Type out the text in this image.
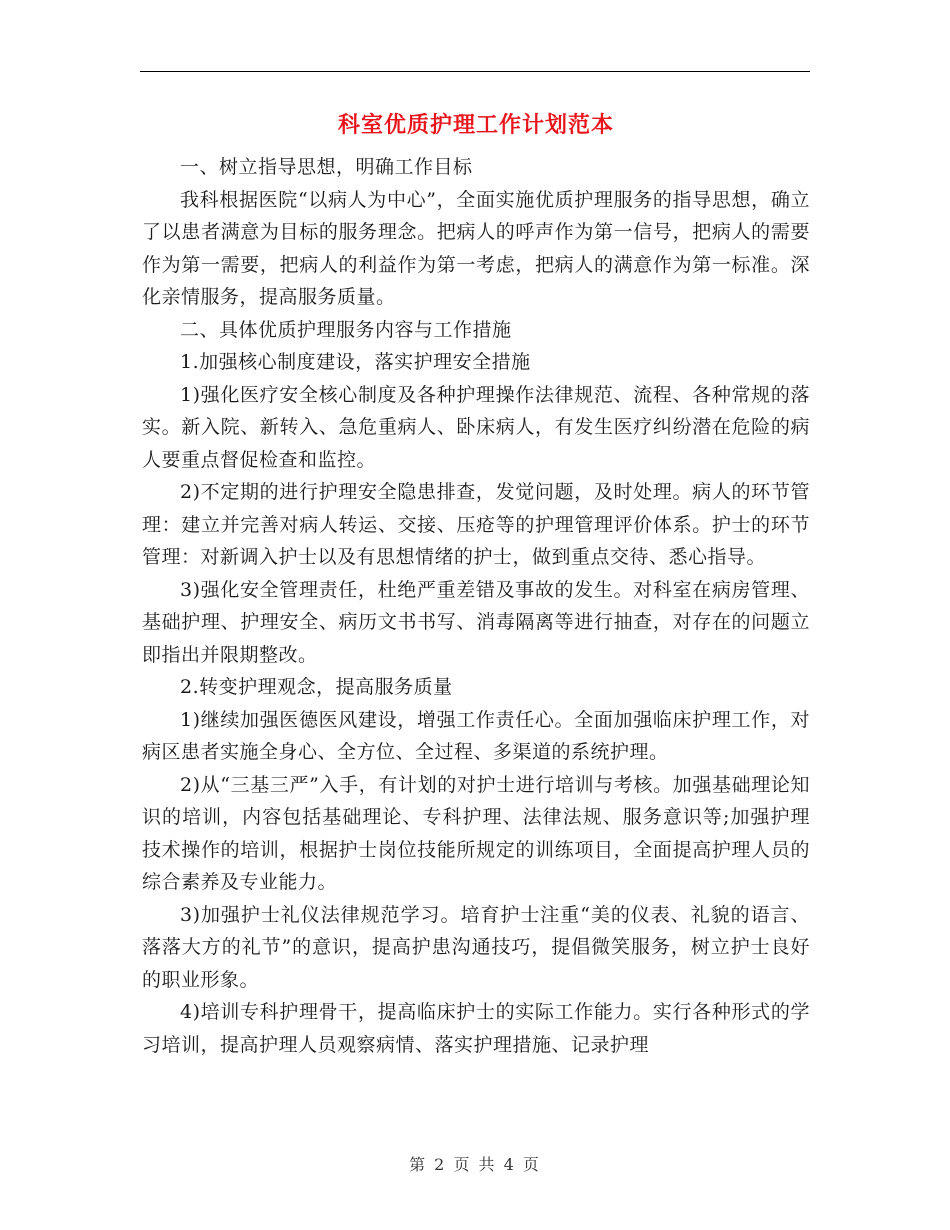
科室优质护理工作计划范本

一、树立指导思想，明确工作目标

我科根据医院“以病人为中心”，全面实施优质护理服务的指导思想，确立了以患者满意为目标的服务理念。把病人的呼声作为第一信号，把病人的需要作为第一需要，把病人的利益作为第一考虑，把病人的满意作为第一标准。深化亲情服务，提高服务质量。

二、具体优质护理服务内容与工作措施

1.加强核心制度建设，落实护理安全措施

1)强化医疗安全核心制度及各种护理操作法律规范、流程、各种常规的落实。新入院、新转入、急危重病人、卧床病人，有发生医疗纠纷潜在危险的病人要重点督促检查和监控。

2)不定期的进行护理安全隐患排查，发觉问题，及时处理。病人的环节管理：建立并完善对病人转运、交接、压疮等的护理管理评价体系。护士的环节管理：对新调入护士以及有思想情绪的护士，做到重点交待、悉心指导。

3)强化安全管理责任，杜绝严重差错及事故的发生。对科室在病房管理、基础护理、护理安全、病历文书书写、消毒隔离等进行抽查，对存在的问题立即指出并限期整改。

2.转变护理观念，提高服务质量

1)继续加强医德医风建设，增强工作责任心。全面加强临床护理工作，对病区患者实施全身心、全方位、全过程、多渠道的系统护理。

2)从“三基三严”入手，有计划的对护士进行培训与考核。加强基础理论知识的培训，内容包括基础理论、专科护理、法律法规、服务意识等;加强护理技术操作的培训，根据护士岗位技能所规定的训练项目，全面提高护理人员的综合素养及专业能力。

3)加强护士礼仪法律规范学习。培育护士注重“美的仪表、礼貌的语言、落落大方的礼节”的意识，提高护患沟通技巧，提倡微笑服务，树立护士良好的职业形象。

4)培训专科护理骨干，提高临床护士的实际工作能力。实行各种形式的学习培训，提高护理人员观察病情、落实护理措施、记录护理

第 2 页 共 4 页
